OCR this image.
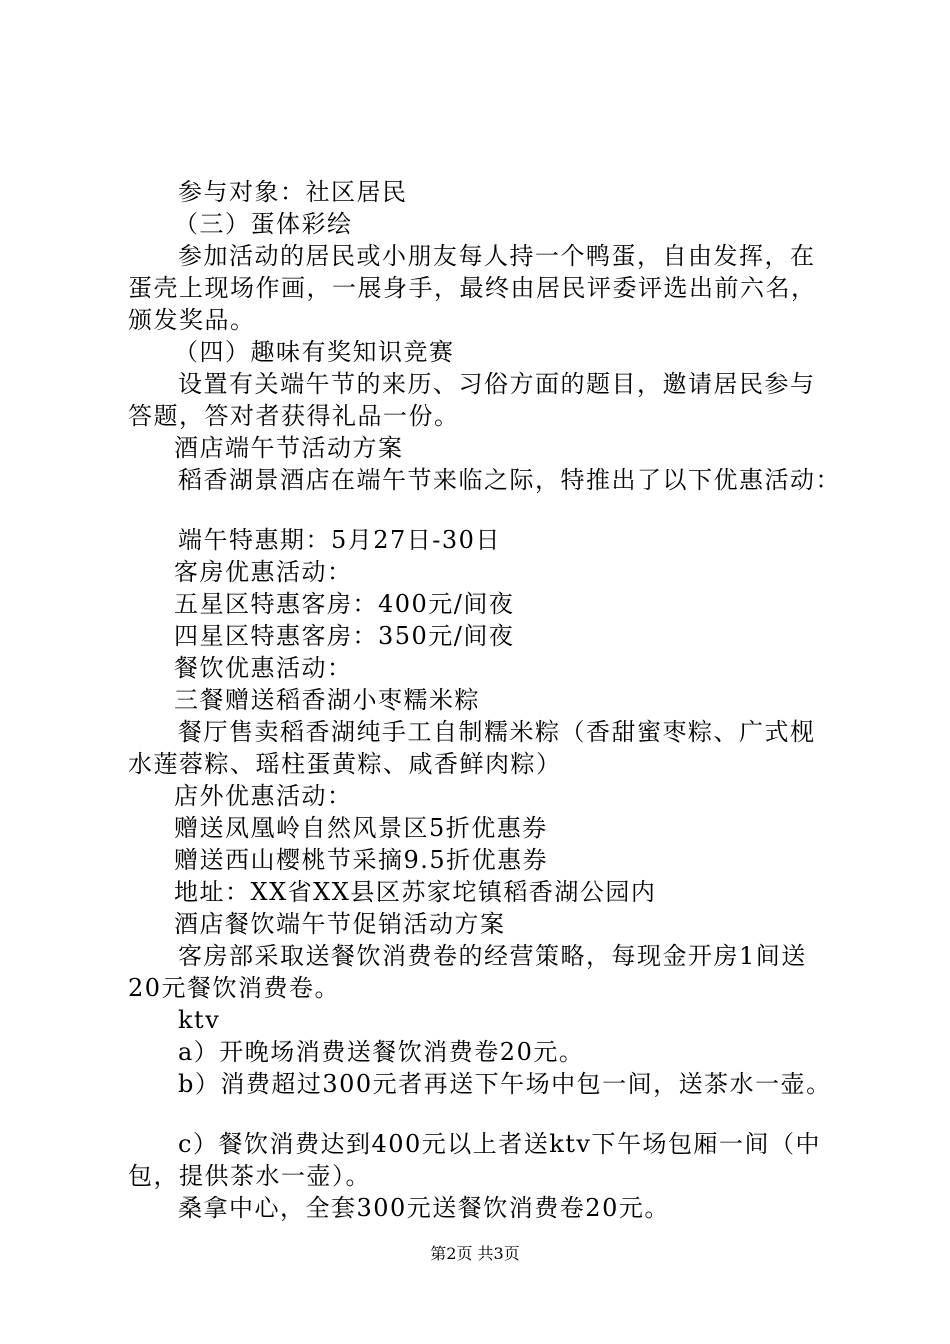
参与对象：社区居民
（三）蛋体彩绘
参加活动的居民或小朋友每人持一个鸭蛋，自由发挥，在
蛋壳上现场作画，一展身手，最终由居民评委评选出前六名，
颁发奖品。
（四）趣味有奖知识竞赛
设置有关端午节的来历、习俗方面的题目，邀请居民参与
答题，答对者获得礼品一份。
酒店端午节活动方案
稻香湖景酒店在端午节来临之际，特推出了以下优惠活动：
端午特惠期：5月27日-30日
客房优惠活动：
五星区特惠客房：400元/间夜
四星区特惠客房：350元/间夜
餐饮优惠活动：
三餐赠送稻香湖小枣糯米粽
餐厅售卖稻香湖纯手工自制糯米粽（香甜蜜枣粽、广式枧
水莲蓉粽、瑶柱蛋黄粽、咸香鲜肉粽）
店外优惠活动：
赠送凤凰岭自然风景区5折优惠券
赠送西山樱桃节采摘9.5折优惠券
地址：XX省XX县区苏家坨镇稻香湖公园内
酒店餐饮端午节促销活动方案
客房部采取送餐饮消费卷的经营策略，每现金开房1间送
20元餐饮消费卷。
ktv
a）开晚场消费送餐饮消费卷20元。
b）消费超过300元者再送下午场中包一间，送茶水一壶。
c）餐饮消费达到400元以上者送ktv下午场包厢一间（中
包，提供茶水一壶）。
桑拿中心，全套300元送餐饮消费卷20元。
第2页 共3页
